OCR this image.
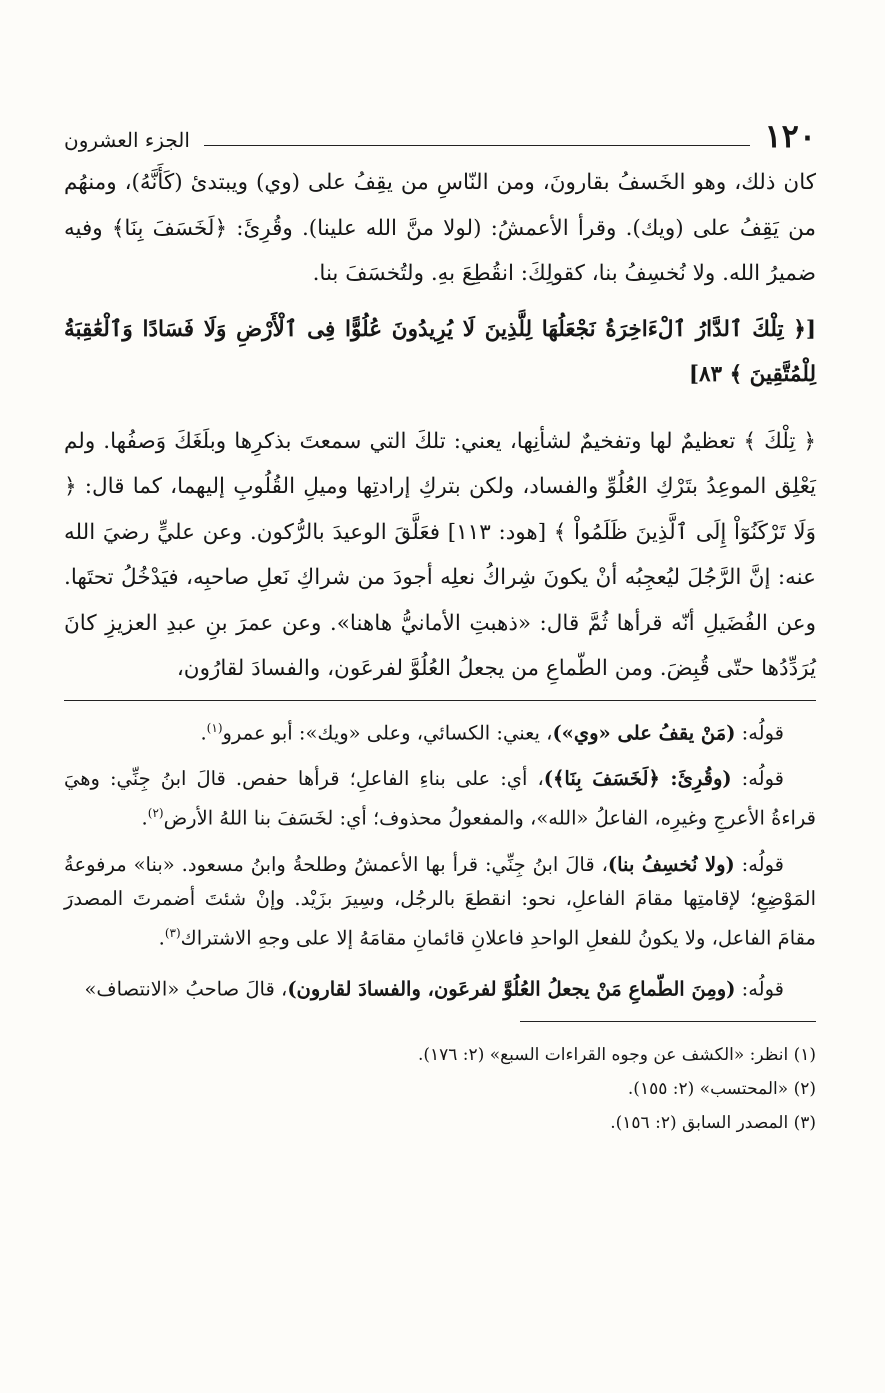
١٢٠
الجزء العشرون

كان ذلك، وهو الخَسفُ بقارونَ، ومن النّاسِ من يقِفُ على (وي) ويبتدئ (كَأَنَّهُ)، ومنهُم من يَقِفُ على (ويك). وقرأ الأعمشُ: (لولا منَّ الله علينا). وقُرِئَ: ﴿لَخَسَفَ بِنَا﴾ وفيه ضميرُ الله. ولا نُخسِفُ بنا، كقولِكَ: انقُطِعَ بهِ. ولتُخسَفَ بنا.

[﴿ تِلْكَ ٱلدَّارُ ٱلْءَاخِرَةُ نَجْعَلُهَا لِلَّذِينَ لَا يُرِيدُونَ عُلُوًّا فِى ٱلْأَرْضِ وَلَا فَسَادًا وَٱلْعَٰقِبَةُ لِلْمُتَّقِينَ ﴾ ٨٣]

﴿ تِلْكَ ﴾ تعظيمٌ لها وتفخيمٌ لشأنِها، يعني: تلكَ التي سمعتَ بذكرِها وبلَغَكَ وَصفُها. ولم يَعْلِق الموعِدُ بتَرْكِ العُلُوِّ والفساد، ولكن بتركِ إرادتِها وميلِ القُلُوبِ إليهما، كما قال: ﴿ وَلَا تَرْكَنُوٓاْ إِلَى ٱلَّذِينَ ظَلَمُواْ ﴾ [هود: ١١٣] فعَلَّقَ الوعيدَ بالرُّكون. وعن عليٍّ رضيَ الله عنه: إنَّ الرَّجُلَ ليُعجِبُه أنْ يكونَ شِراكُ نعلِه أجودَ من شراكِ نَعلِ صاحبِه، فيَدْخُلُ تحتَها. وعن الفُضَيلِ أنّه قرأها ثُمَّ قال: «ذهبتِ الأمانيُّ هاهنا». وعن عمرَ بنِ عبدِ العزيزِ كانَ يُرَدِّدُها حتّى قُبِضَ. ومن الطّماعِ من يجعلُ العُلُوَّ لفرعَون، والفسادَ لقارُون،

قولُه: (مَنْ يقفُ على «وي»)، يعني: الكسائي، وعلى «ويك»: أبو عمرو$^{(١)}$.

قولُه: (وقُرِئَ: ﴿لَخَسَفَ بِنَا﴾)، أي: على بناءِ الفاعلِ؛ قرأها حفص. قالَ ابنُ جِنِّي: وهيَ قراءةُ الأعرجِ وغيرِه، الفاعلُ «الله»، والمفعولُ محذوف؛ أي: لخَسَفَ بنا اللهُ الأرض$^{(٢)}$.

قولُه: (ولا نُخسِفُ بنا)، قالَ ابنُ جِنِّي: قرأ بها الأعمشُ وطلحةُ وابنُ مسعود. «بنا» مرفوعةُ المَوْضِعِ؛ لإقامتِها مقامَ الفاعلِ، نحو: انقطعَ بالرجُل، وسِيرَ بزَيْد. وإنْ شئتَ أضمرتَ المصدرَ مقامَ الفاعل، ولا يكونُ للفعلِ الواحدِ فاعلانِ قائمانِ مقامَهُ إلا على وجهِ الاشتراك$^{(٣)}$.

قولُه: (ومِنَ الطّماعِ مَنْ يجعلُ العُلُوَّ لفرعَون، والفسادَ لقارون)، قالَ صاحبُ «الانتصاف»

(١) انظر: «الكشف عن وجوه القراءات السبع» (٢: ١٧٦).

(٢) «المحتسب» (٢: ١٥٥).

(٣) المصدر السابق (٢: ١٥٦).
